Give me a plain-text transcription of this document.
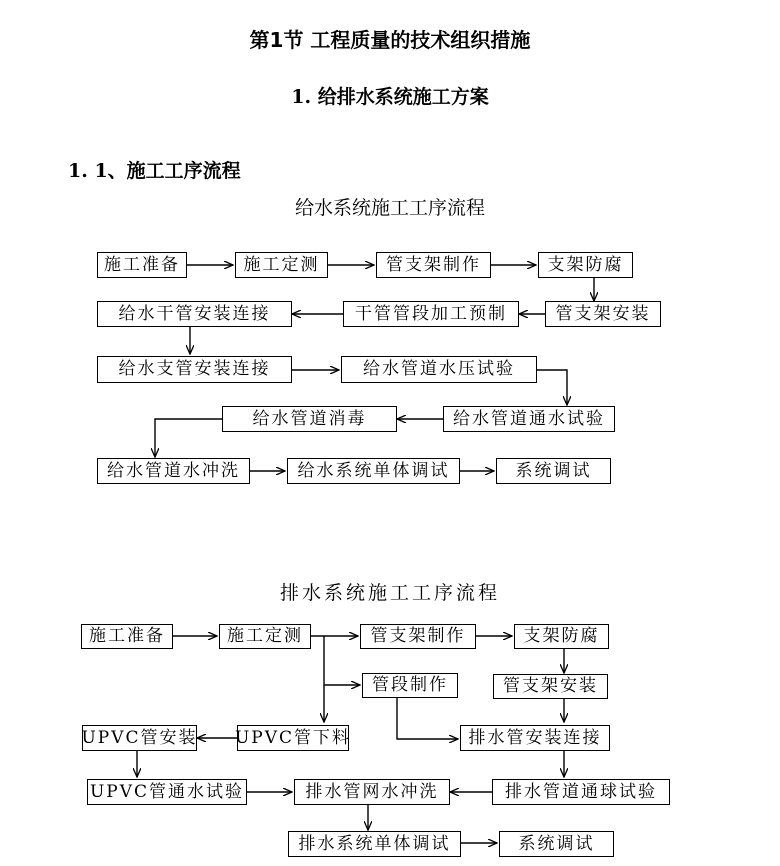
第1节 工程质量的技术组织措施
1. 给排水系统施工方案
1. 1、施工工序流程
给水系统施工工序流程
施工准备	施工定测	管支架制作	支架防腐
管支架安装
干管管段加工预制
给水干管安装连接
给水支管安装连接	给水管道水压试验
给水管道通水试验
给水管道消毒
给水管道水冲洗	给水系统单体调试	系统调试
排水系统施工工序流程
施工准备	施工定测	管支架制作	支架防腐
管段制作	管支架安装
UPVC管安装 UPVC管下料	排水管安装连接
UPVC管通水试验	排水管网水冲洗	排水管道通球试验
排水系统单体调试	系统调试
